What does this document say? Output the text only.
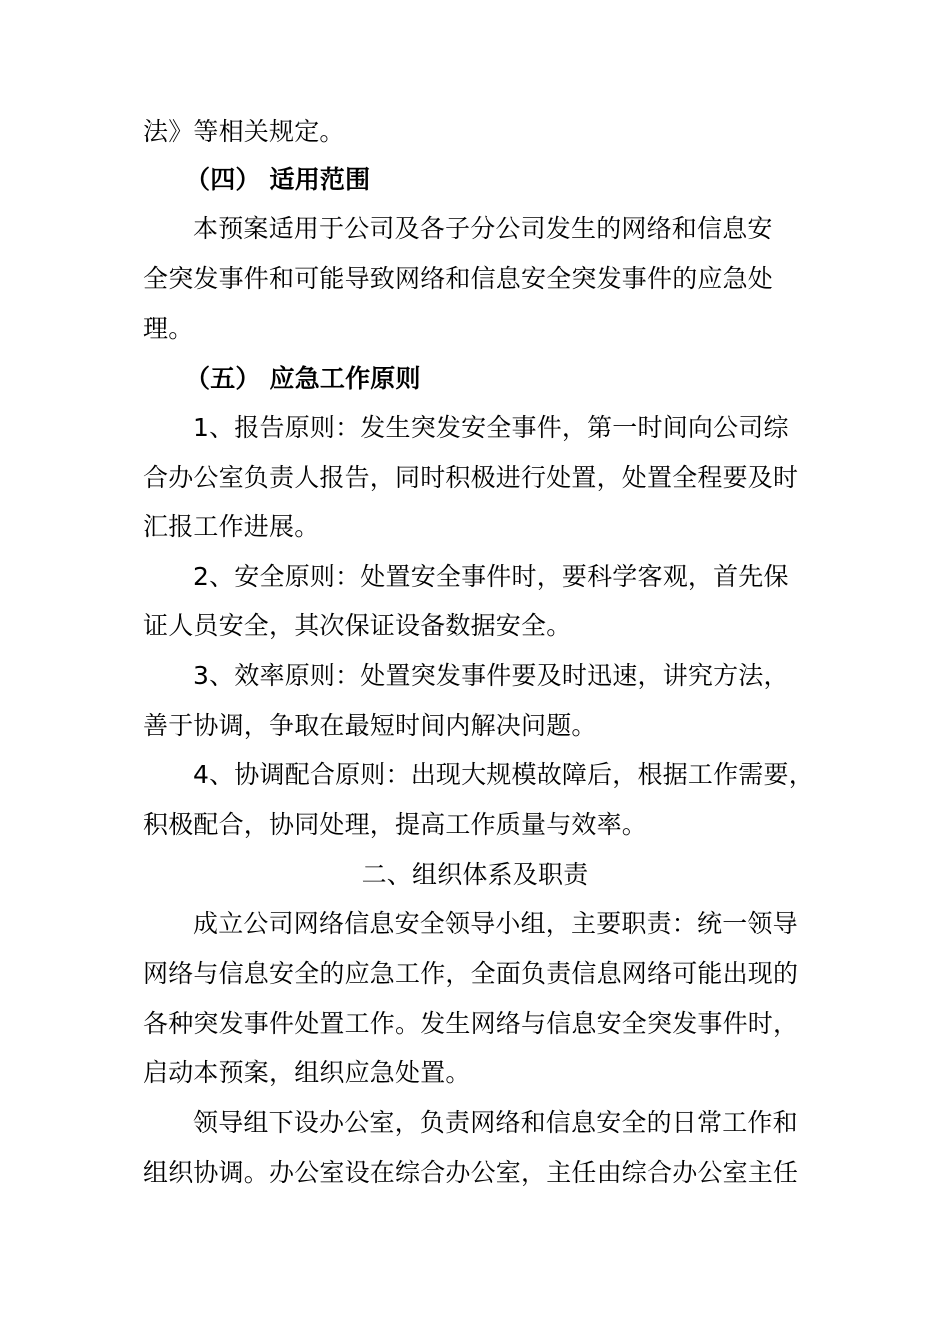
法》等相关规定。
（四） 适用范围
本预案适用于公司及各子分公司发生的网络和信息安
全突发事件和可能导致网络和信息安全突发事件的应急处
理。
（五） 应急工作原则
1、报告原则：发生突发安全事件，第一时间向公司综
合办公室负责人报告，同时积极进行处置，处置全程要及时
汇报工作进展。
2、安全原则：处置安全事件时，要科学客观，首先保
证人员安全，其次保证设备数据安全。
3、效率原则：处置突发事件要及时迅速，讲究方法，
善于协调，争取在最短时间内解决问题。
4、协调配合原则：出现大规模故障后，根据工作需要，
积极配合，协同处理，提高工作质量与效率。
二、组织体系及职责
成立公司网络信息安全领导小组，主要职责：统一领导
网络与信息安全的应急工作，全面负责信息网络可能出现的
各种突发事件处置工作。发生网络与信息安全突发事件时，
启动本预案，组织应急处置。
领导组下设办公室，负责网络和信息安全的日常工作和
组织协调。办公室设在综合办公室，主任由综合办公室主任
